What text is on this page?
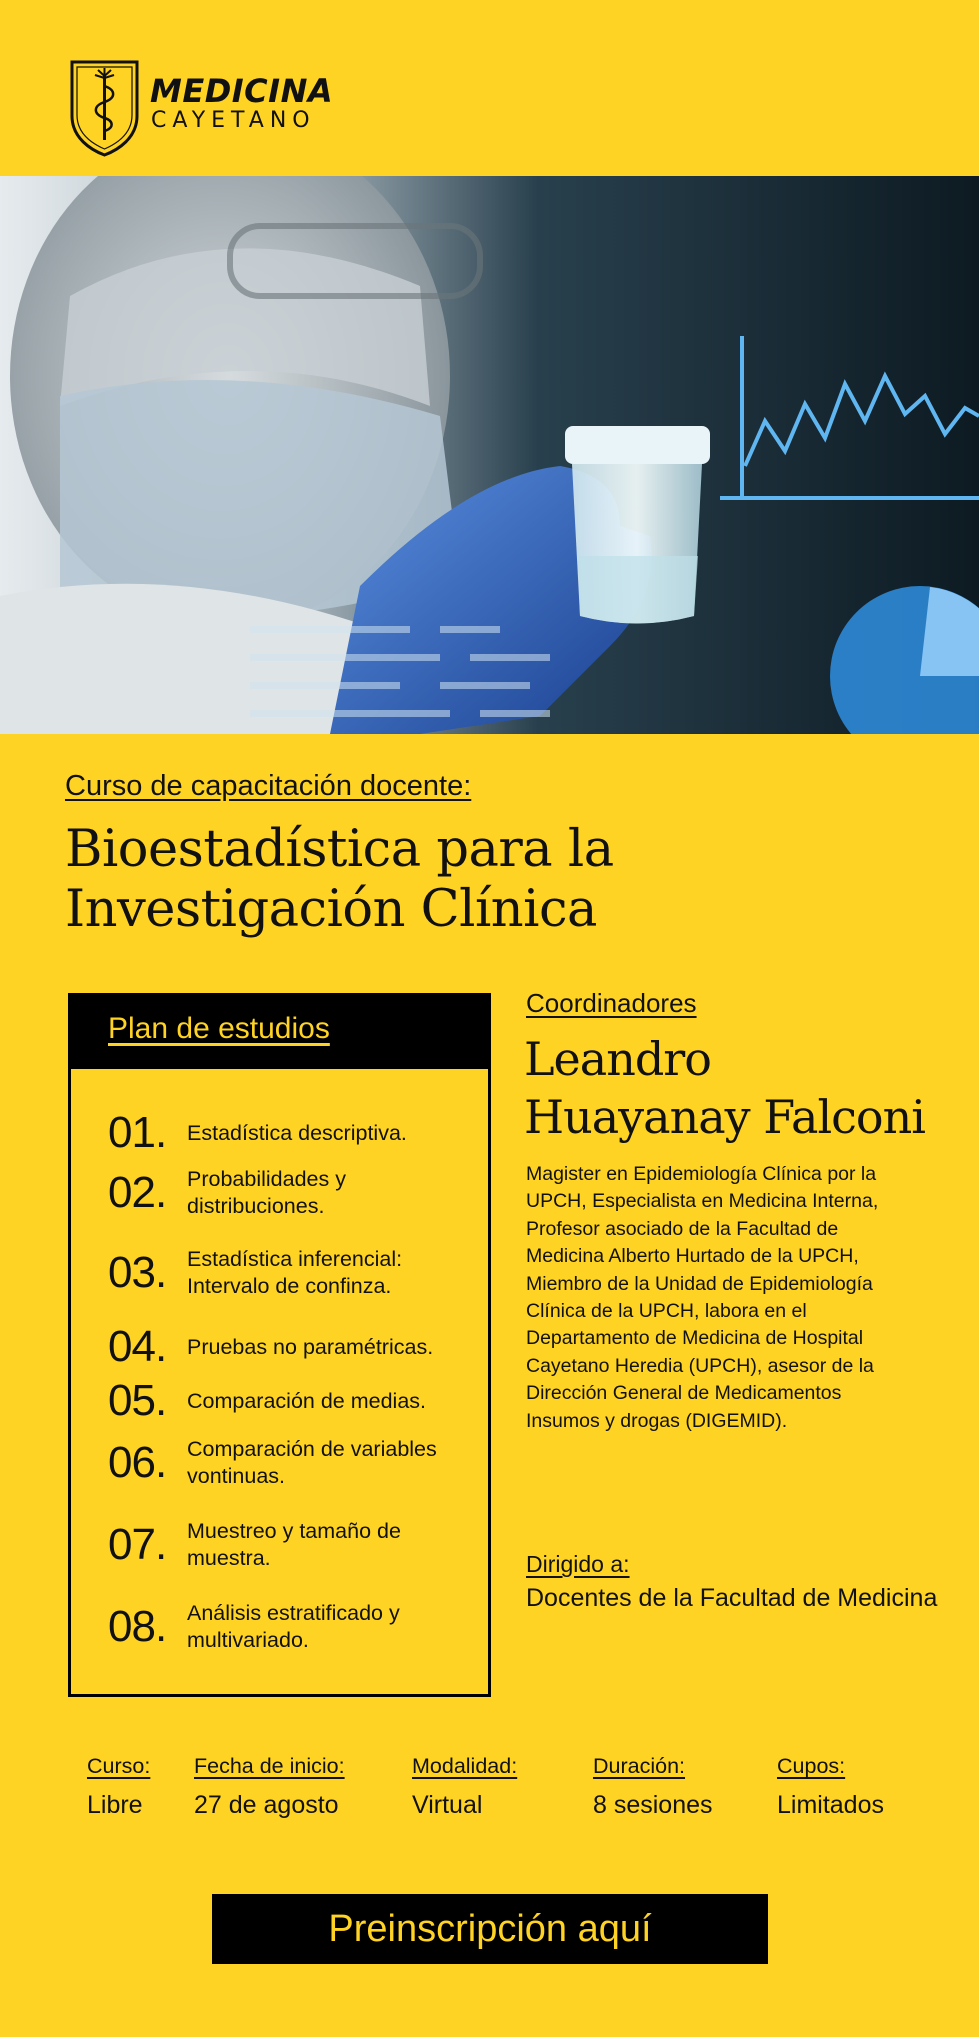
MEDICINA
CAYETANO
Curso de capacitación docente:
Bioestadística para la
Investigación Clínica
Plan de estudios
01. Estadística descriptiva.
02. Probabilidades y distribuciones.
03. Estadística inferencial: Intervalo de confinza.
04. Pruebas no paramétricas.
05. Comparación de medias.
06. Comparación de variables vontinuas.
07. Muestreo y tamaño de muestra.
08. Análisis estratificado y multivariado.
Coordinadores
Leandro
Huayanay Falconi
Magister en Epidemiología Clínica por la UPCH, Especialista en Medicina Interna, Profesor asociado de la Facultad de Medicina Alberto Hurtado de la UPCH, Miembro de la Unidad de Epidemiología Clínica de la UPCH, labora en el Departamento de Medicina de Hospital Cayetano Heredia (UPCH), asesor de la Dirección General de Medicamentos Insumos y drogas (DIGEMID).
Dirigido a:
Docentes de la Facultad de Medicina
Curso:
Libre
Fecha de inicio:
27 de agosto
Modalidad:
Virtual
Duración:
8 sesiones
Cupos:
Limitados
Preinscripción aquí
